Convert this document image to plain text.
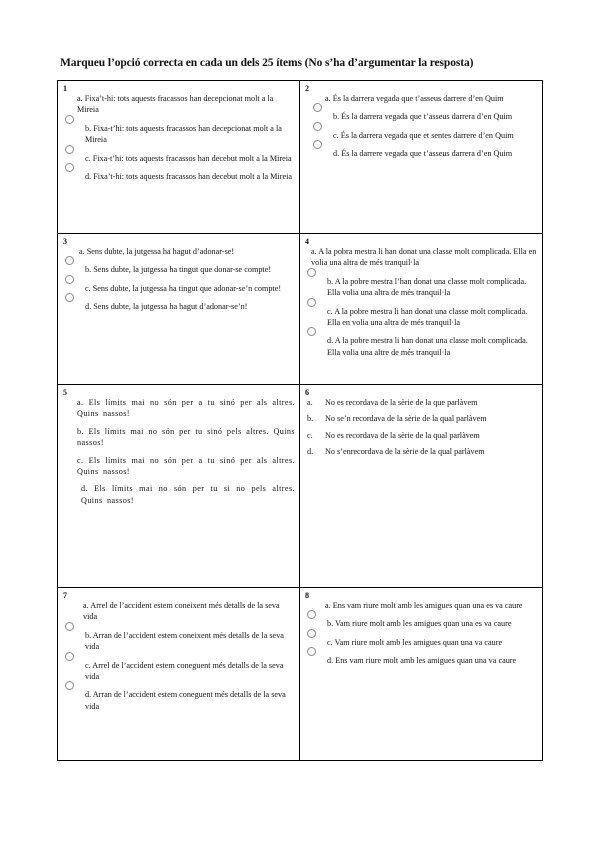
Marqueu l’opció correcta en cada un dels 25 ítems (No s’ha d’argumentar la resposta)
1
a. Fixa’t-hi: tots aquests fracassos han decepcionat molt a la Mireia
b. Fixa-t’hi: tots aquests fracassos han decepcionat molt a la Mireia
c. Fixa-t’hi: tots aquests fracassos han decebut molt a la Mireia
d. Fixa’t-hi: tots aquests fracassos han decebut molt a la Mireia
2
a. És la darrera vegada que t’asseus darrere d’en Quim
b. És la darrera vegada que t’asseus darrera d’en Quim
c. És la darrera vegada que et sentes darrere d’en Quim
d. És la darrere vegada que t’asseus darrera d’en Quim
3
a. Sens dubte, la jutgessa ha hagut d’adonar-se!
b. Sens dubte, la jutgessa ha tingut que donar-se compte!
c. Sens dubte, la jutgessa ha tingut que adonar-se’n compte!
d. Sens dubte, la jutgessa ha hagut d’adonar-se’n!
4
a. A la pobra mestra li han donat una classe molt complicada. Ella en volia una altra de més tranquil·la
b. A la pobre mestra l’han donat una classe molt complicada. Ella volia una altra de més tranquil·la
c. A la pobre mestra li han donat una classe molt complicada. Ella en volia una altra de més tranquil·la
d. A la pobre mestra li han donat una classe molt complicada. Ella volia una altre de més tranquil·la
5
a. Els límits mai no són per a tu sinó per als altres. Quins nassos!
b. Els límits mai no són per tu sinó pels altres. Quins nassos!
c. Els límits mai no són per a tu sinó per als altres. Quins nassos!
d. Els límits mai no són per tu si no pels altres. Quins nassos!
6
a.	No es recordava de la sèrie de la que parlàvem
b.	No se’n recordava de la sèrie de la qual parlàvem
c.	No es recordava de la sèrie de la qual parlàvem
d.	No s’enrecordava de la sèrie de la qual parlàvem
7
a. Arrel de l’accident estem coneixent més detalls de la seva vida
b. Arran de l’accident estem coneixent més detalls de la seva vida
c. Arrel de l’accident estem coneguent més detalls de la seva vida
d. Arran de l’accident estem coneguent més detalls de la seva vida
8
a. Ens vam riure molt amb les amigues quan una es va caure
b. Vam riure molt amb les amigues quan una es va caure
c. Vam riure molt amb les amigues quan una va caure
d. Ens vam riure molt amb les amigues quan una va caure
